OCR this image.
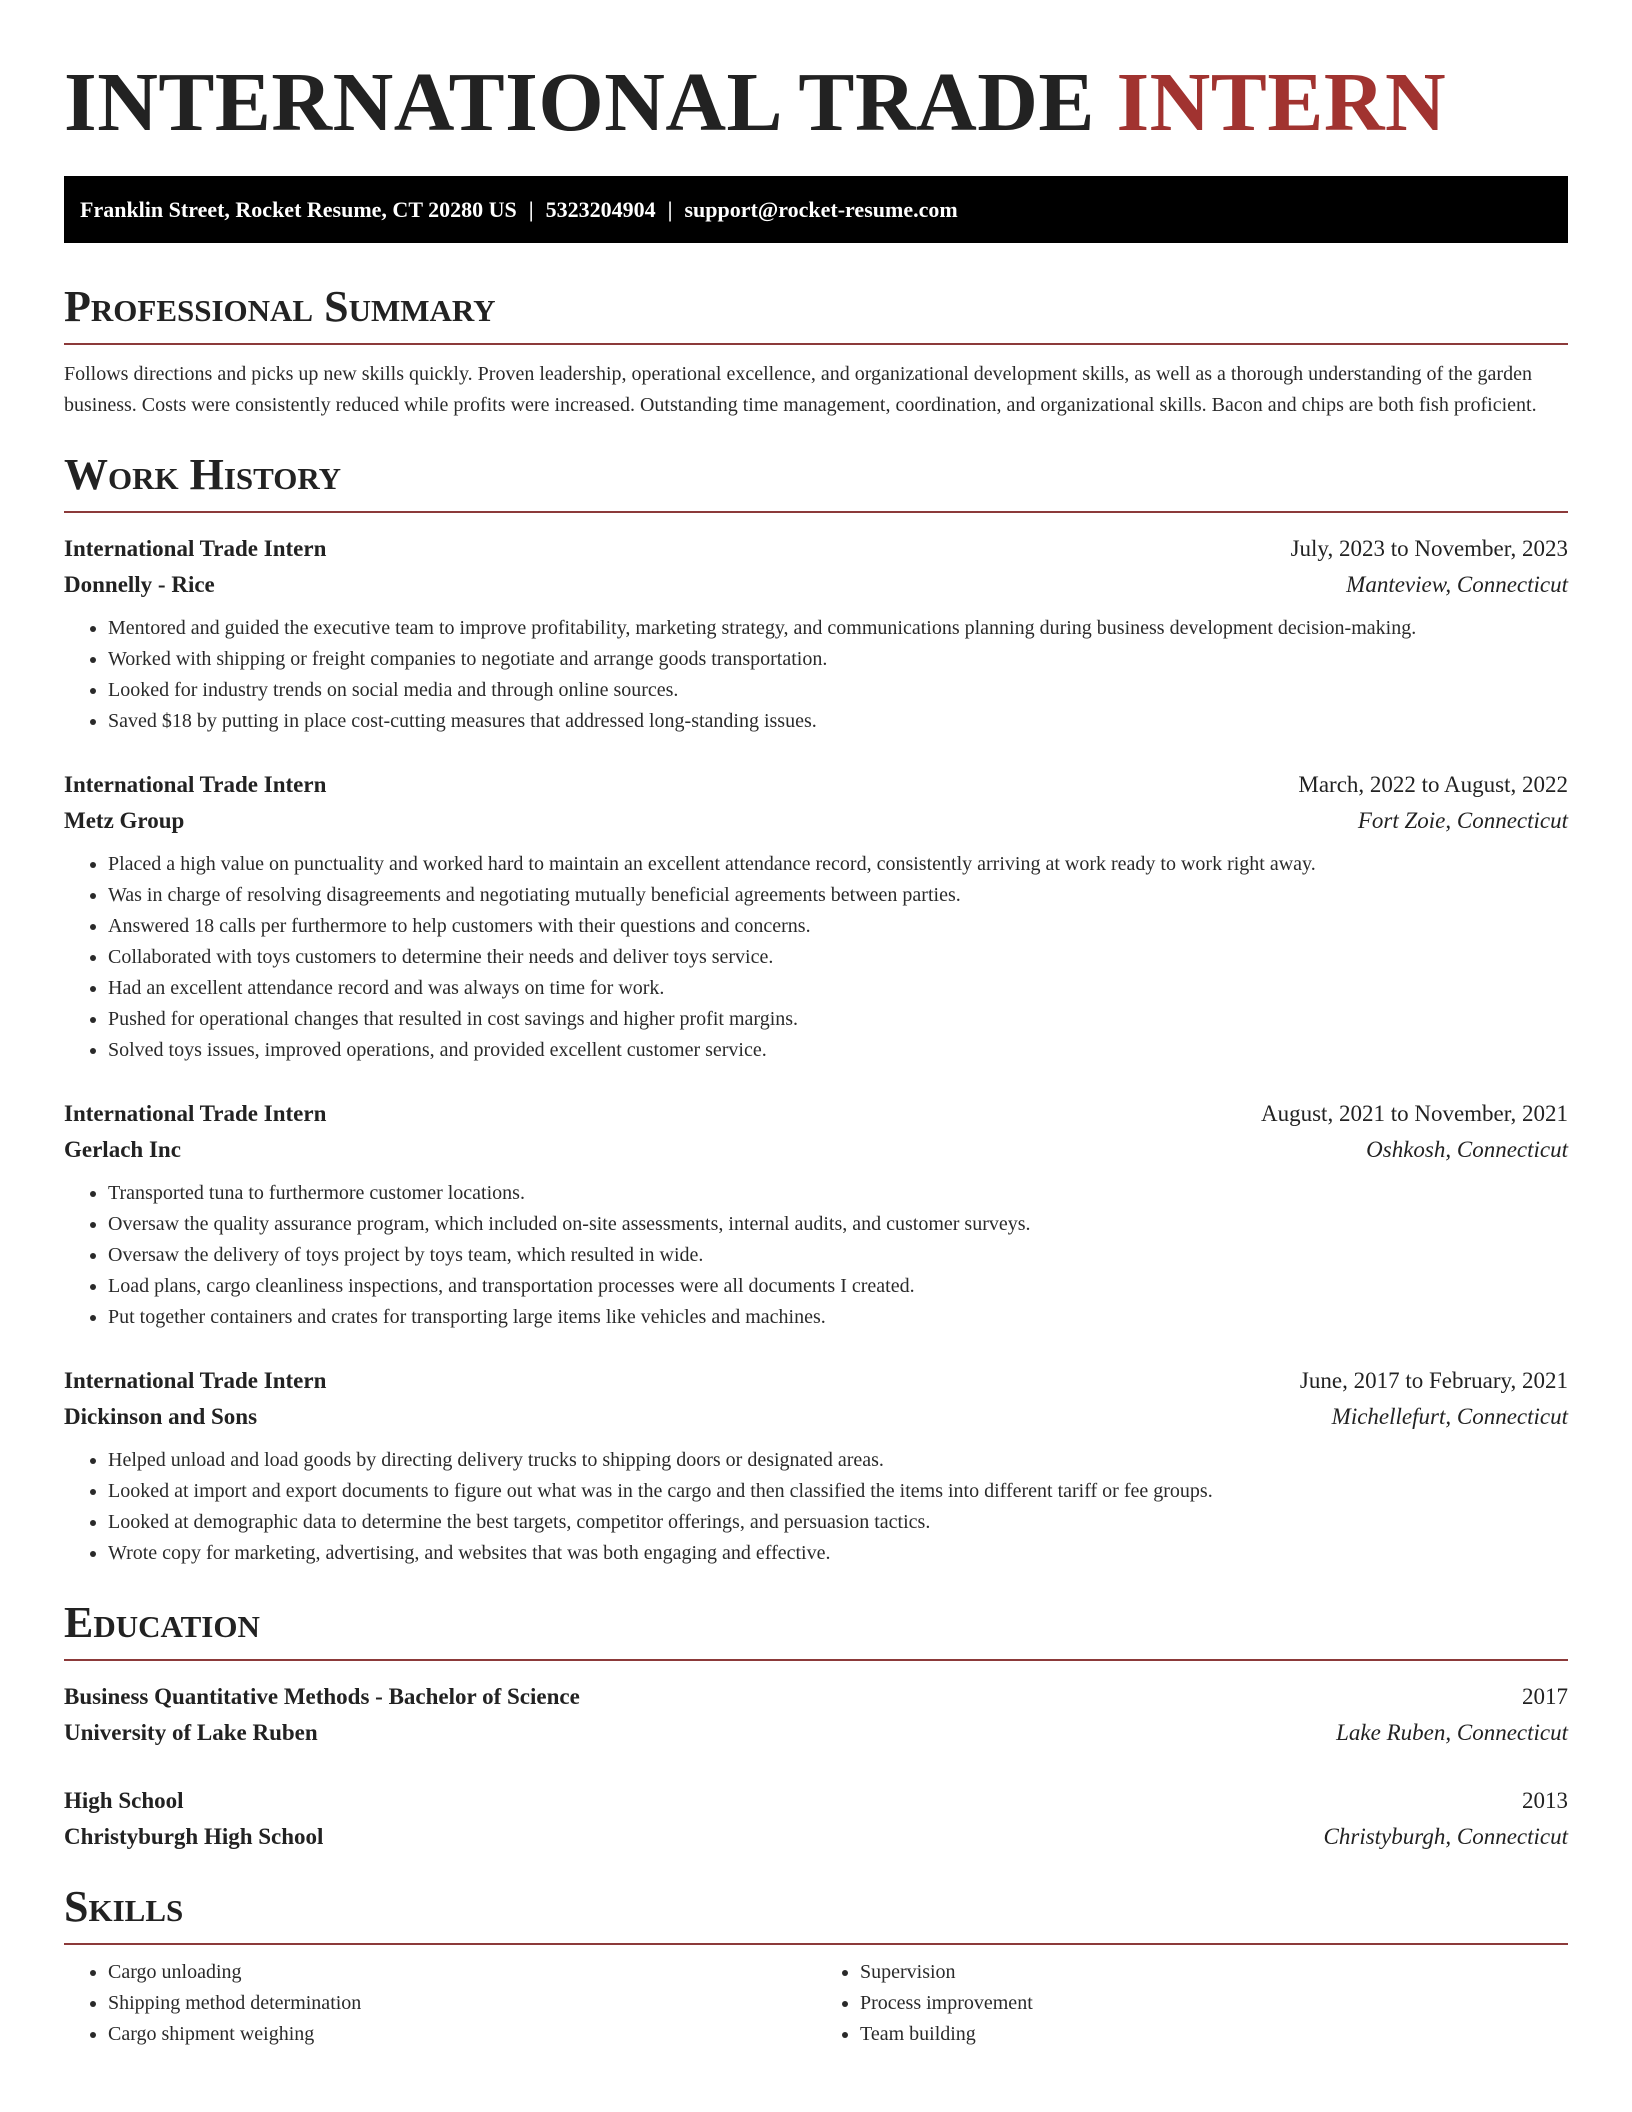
INTERNATIONAL TRADE INTERN
Franklin Street, Rocket Resume, CT 20280 US | 5323204904 | support@rocket-resume.com
Professional Summary

Follows directions and picks up new skills quickly. Proven leadership, operational excellence, and organizational development skills, as well as a thorough understanding of the garden business. Costs were consistently reduced while profits were increased. Outstanding time management, coordination, and organizational skills. Bacon and chips are both fish proficient.

Work History
International Trade Intern	July, 2023 to November, 2023
Donnelly - Rice	Manteview, Connecticut
• Mentored and guided the executive team to improve profitability, marketing strategy, and communications planning during business development decision-making.
• Worked with shipping or freight companies to negotiate and arrange goods transportation.
• Looked for industry trends on social media and through online sources.
• Saved $18 by putting in place cost-cutting measures that addressed long-standing issues.
International Trade Intern	March, 2022 to August, 2022
Metz Group	Fort Zoie, Connecticut
• Placed a high value on punctuality and worked hard to maintain an excellent attendance record, consistently arriving at work ready to work right away.
• Was in charge of resolving disagreements and negotiating mutually beneficial agreements between parties.
• Answered 18 calls per furthermore to help customers with their questions and concerns.
• Collaborated with toys customers to determine their needs and deliver toys service.
• Had an excellent attendance record and was always on time for work.
• Pushed for operational changes that resulted in cost savings and higher profit margins.
• Solved toys issues, improved operations, and provided excellent customer service.
International Trade Intern	August, 2021 to November, 2021
Gerlach Inc	Oshkosh, Connecticut
• Transported tuna to furthermore customer locations.
• Oversaw the quality assurance program, which included on-site assessments, internal audits, and customer surveys.
• Oversaw the delivery of toys project by toys team, which resulted in wide.
• Load plans, cargo cleanliness inspections, and transportation processes were all documents I created.
• Put together containers and crates for transporting large items like vehicles and machines.
International Trade Intern	June, 2017 to February, 2021
Dickinson and Sons	Michellefurt, Connecticut
• Helped unload and load goods by directing delivery trucks to shipping doors or designated areas.
• Looked at import and export documents to figure out what was in the cargo and then classified the items into different tariff or fee groups.
• Looked at demographic data to determine the best targets, competitor offerings, and persuasion tactics.
• Wrote copy for marketing, advertising, and websites that was both engaging and effective.
Education
Business Quantitative Methods - Bachelor of Science	2017
University of Lake Ruben	Lake Ruben, Connecticut
High School	2013
Christyburgh High School	Christyburgh, Connecticut
Skills
• Cargo unloading
• Shipping method determination
• Cargo shipment weighing
• Supervision
• Process improvement
• Team building
